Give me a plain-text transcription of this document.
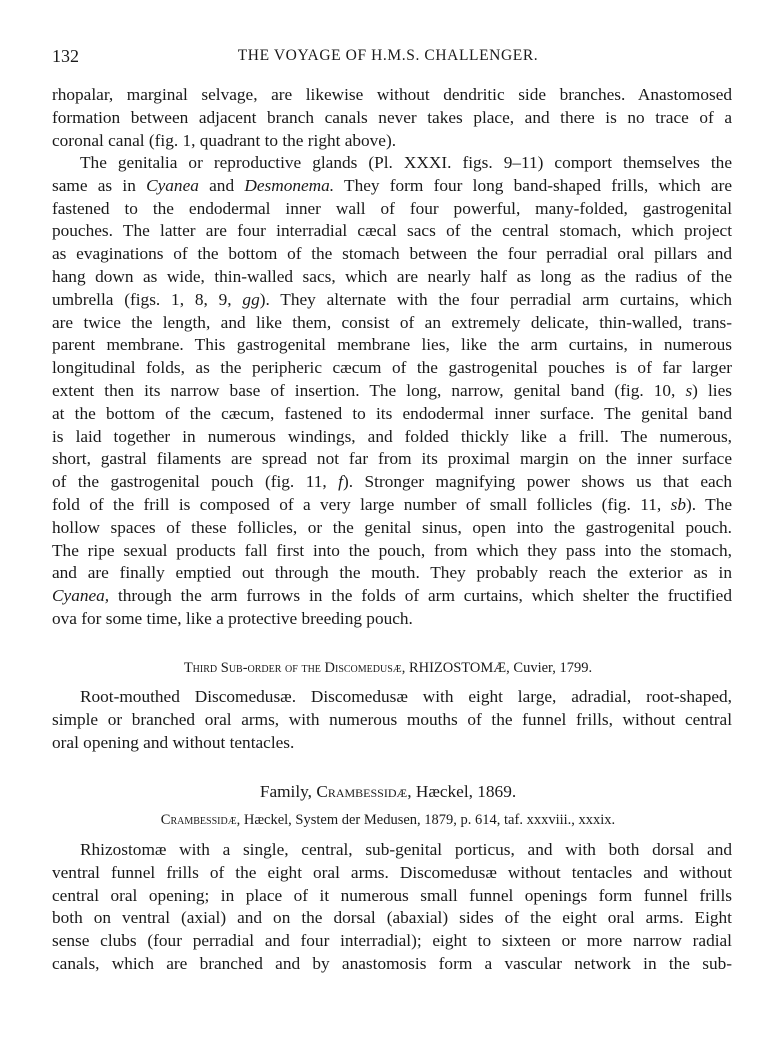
132	THE VOYAGE OF H.M.S. CHALLENGER.
rhopalar, marginal selvage, are likewise without dendritic side branches. Anastomosed
formation between adjacent branch canals never takes place, and there is no trace of a
coronal canal (fig. 1, quadrant to the right above).
The genitalia or reproductive glands (Pl. XXXI. figs. 9–11) comport themselves the
same as in Cyanea and Desmonema. They form four long band-shaped frills, which are
fastened to the endodermal inner wall of four powerful, many-folded, gastrogenital
pouches. The latter are four interradial cæcal sacs of the central stomach, which project
as evaginations of the bottom of the stomach between the four perradial oral pillars and
hang down as wide, thin-walled sacs, which are nearly half as long as the radius of the
umbrella (figs. 1, 8, 9, gg). They alternate with the four perradial arm curtains, which
are twice the length, and like them, consist of an extremely delicate, thin-walled, trans-
parent membrane. This gastrogenital membrane lies, like the arm curtains, in numerous
longitudinal folds, as the peripheric cæcum of the gastrogenital pouches is of far larger
extent then its narrow base of insertion. The long, narrow, genital band (fig. 10, s) lies
at the bottom of the cæcum, fastened to its endodermal inner surface. The genital band
is laid together in numerous windings, and folded thickly like a frill. The numerous,
short, gastral filaments are spread not far from its proximal margin on the inner surface
of the gastrogenital pouch (fig. 11, f). Stronger magnifying power shows us that each
fold of the frill is composed of a very large number of small follicles (fig. 11, sb). The
hollow spaces of these follicles, or the genital sinus, open into the gastrogenital pouch.
The ripe sexual products fall first into the pouch, from which they pass into the stomach,
and are finally emptied out through the mouth. They probably reach the exterior as in
Cyanea, through the arm furrows in the folds of arm curtains, which shelter the fructified
ova for some time, like a protective breeding pouch.
Third Sub-order of the Discomedusæ, RHIZOSTOMÆ, Cuvier, 1799.
Root-mouthed Discomedusæ. Discomedusæ with eight large, adradial, root-shaped,
simple or branched oral arms, with numerous mouths of the funnel frills, without central
oral opening and without tentacles.
Family, Crambessidæ, Hæckel, 1869.
Crambessidæ, Hæckel, System der Medusen, 1879, p. 614, taf. xxxviii., xxxix.
Rhizostomæ with a single, central, sub-genital porticus, and with both dorsal and
ventral funnel frills of the eight oral arms. Discomedusæ without tentacles and without
central oral opening; in place of it numerous small funnel openings form funnel frills
both on ventral (axial) and on the dorsal (abaxial) sides of the eight oral arms. Eight
sense clubs (four perradial and four interradial); eight to sixteen or more narrow radial
canals, which are branched and by anastomosis form a vascular network in the sub-
